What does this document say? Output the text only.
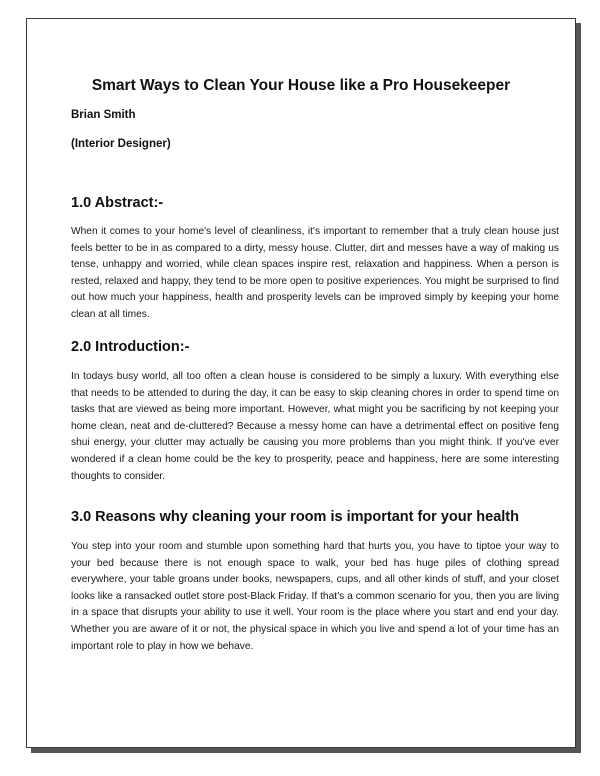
Smart Ways to Clean Your House like a Pro Housekeeper

Brian Smith

(Interior Designer)

1.0 Abstract:-

When it comes to your home's level of cleanliness, it's important to remember that a truly clean house just feels better to be in as compared to a dirty, messy house. Clutter, dirt and messes have a way of making us tense, unhappy and worried, while clean spaces inspire rest, relaxation and happiness. When a person is rested, relaxed and happy, they tend to be more open to positive experiences. You might be surprised to find out how much your happiness, health and prosperity levels can be improved simply by keeping your home clean at all times.

2.0 Introduction:-

In todays busy world, all too often a clean house is considered to be simply a luxury. With everything else that needs to be attended to during the day, it can be easy to skip cleaning chores in order to spend time on tasks that are viewed as being more important. However, what might you be sacrificing by not keeping your home clean, neat and de-cluttered? Because a messy home can have a detrimental effect on positive feng shui energy, your clutter may actually be causing you more problems than you might think. If you've ever wondered if a clean home could be the key to prosperity, peace and happiness, here are some interesting thoughts to consider.

3.0 Reasons why cleaning your room is important for your health

You step into your room and stumble upon something hard that hurts you, you have to tiptoe your way to your bed because there is not enough space to walk, your bed has huge piles of clothing spread everywhere, your table groans under books, newspapers, cups, and all other kinds of stuff, and your closet looks like a ransacked outlet store post-Black Friday. If that’s a common scenario for you, then you are living in a space that disrupts your ability to use it well. Your room is the place where you start and end your day. Whether you are aware of it or not, the physical space in which you live and spend a lot of your time has an important role to play in how we behave.
